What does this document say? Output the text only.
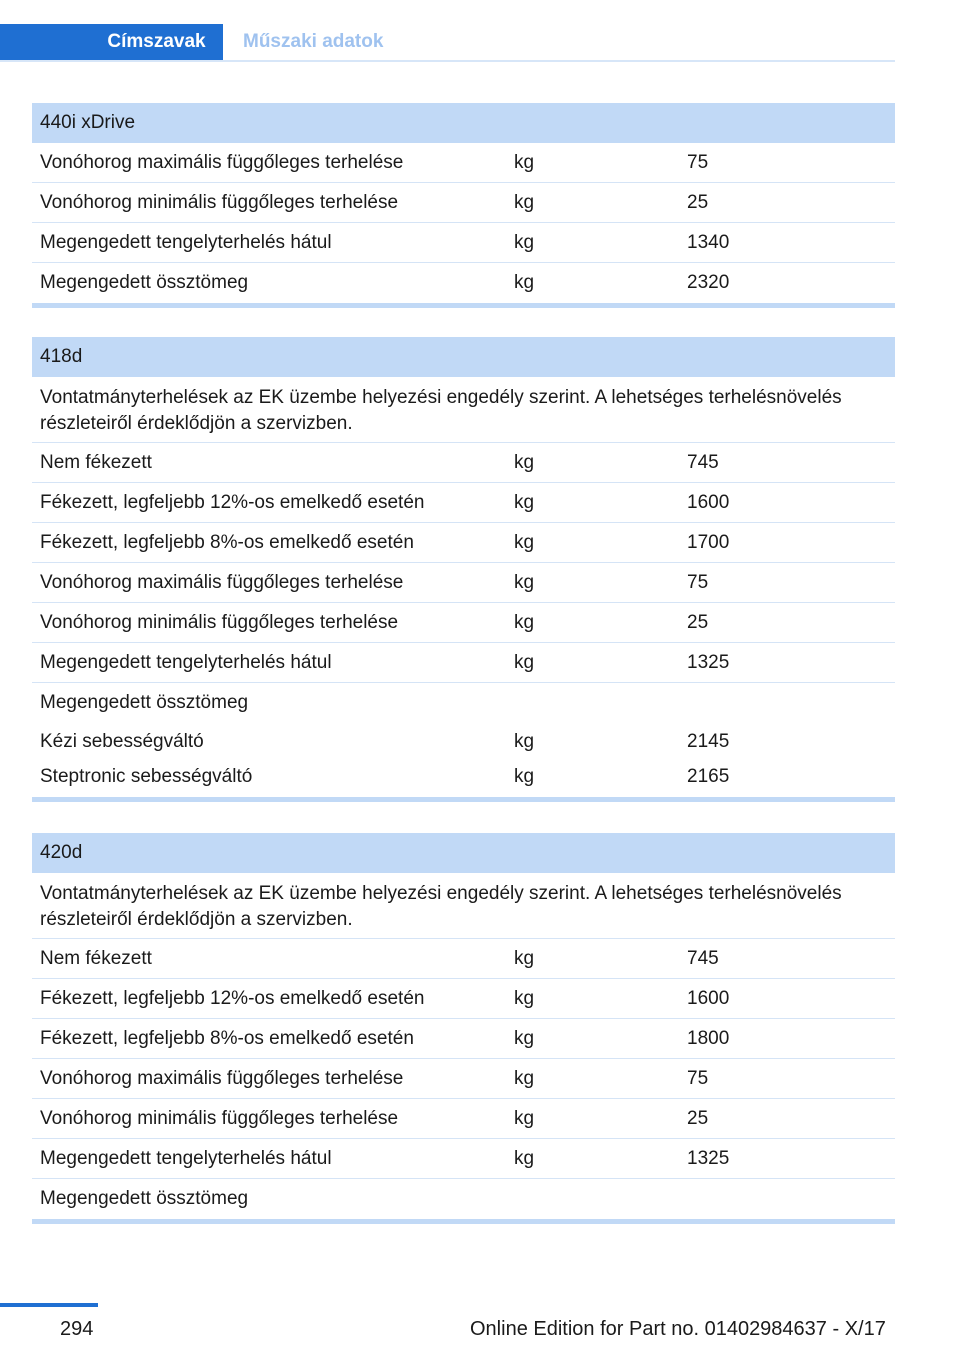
Címszavak Műszaki adatok
440i xDrive
Vonóhorog maximális függőleges terhelése	kg	75
Vonóhorog minimális függőleges terhelése	kg	25
Megengedett tengelyterhelés hátul	kg	1340
Megengedett össztömeg	kg	2320
418d
Vontatmányterhelések az EK üzembe helyezési engedély szerint. A lehetséges terhelésnövelés részleteiről érdeklődjön a szervizben.
Nem fékezett	kg	745
Fékezett, legfeljebb 12%-os emelkedő esetén	kg	1600
Fékezett, legfeljebb 8%-os emelkedő esetén	kg	1700
Vonóhorog maximális függőleges terhelése	kg	75
Vonóhorog minimális függőleges terhelése	kg	25
Megengedett tengelyterhelés hátul	kg	1325
Megengedett össztömeg
Kézi sebességváltó	kg	2145
Steptronic sebességváltó	kg	2165
420d
Vontatmányterhelések az EK üzembe helyezési engedély szerint. A lehetséges terhelésnövelés részleteiről érdeklődjön a szervizben.
Nem fékezett	kg	745
Fékezett, legfeljebb 12%-os emelkedő esetén	kg	1600
Fékezett, legfeljebb 8%-os emelkedő esetén	kg	1800
Vonóhorog maximális függőleges terhelése	kg	75
Vonóhorog minimális függőleges terhelése	kg	25
Megengedett tengelyterhelés hátul	kg	1325
Megengedett össztömeg
294	Online Edition for Part no. 01402984637 - X/17
